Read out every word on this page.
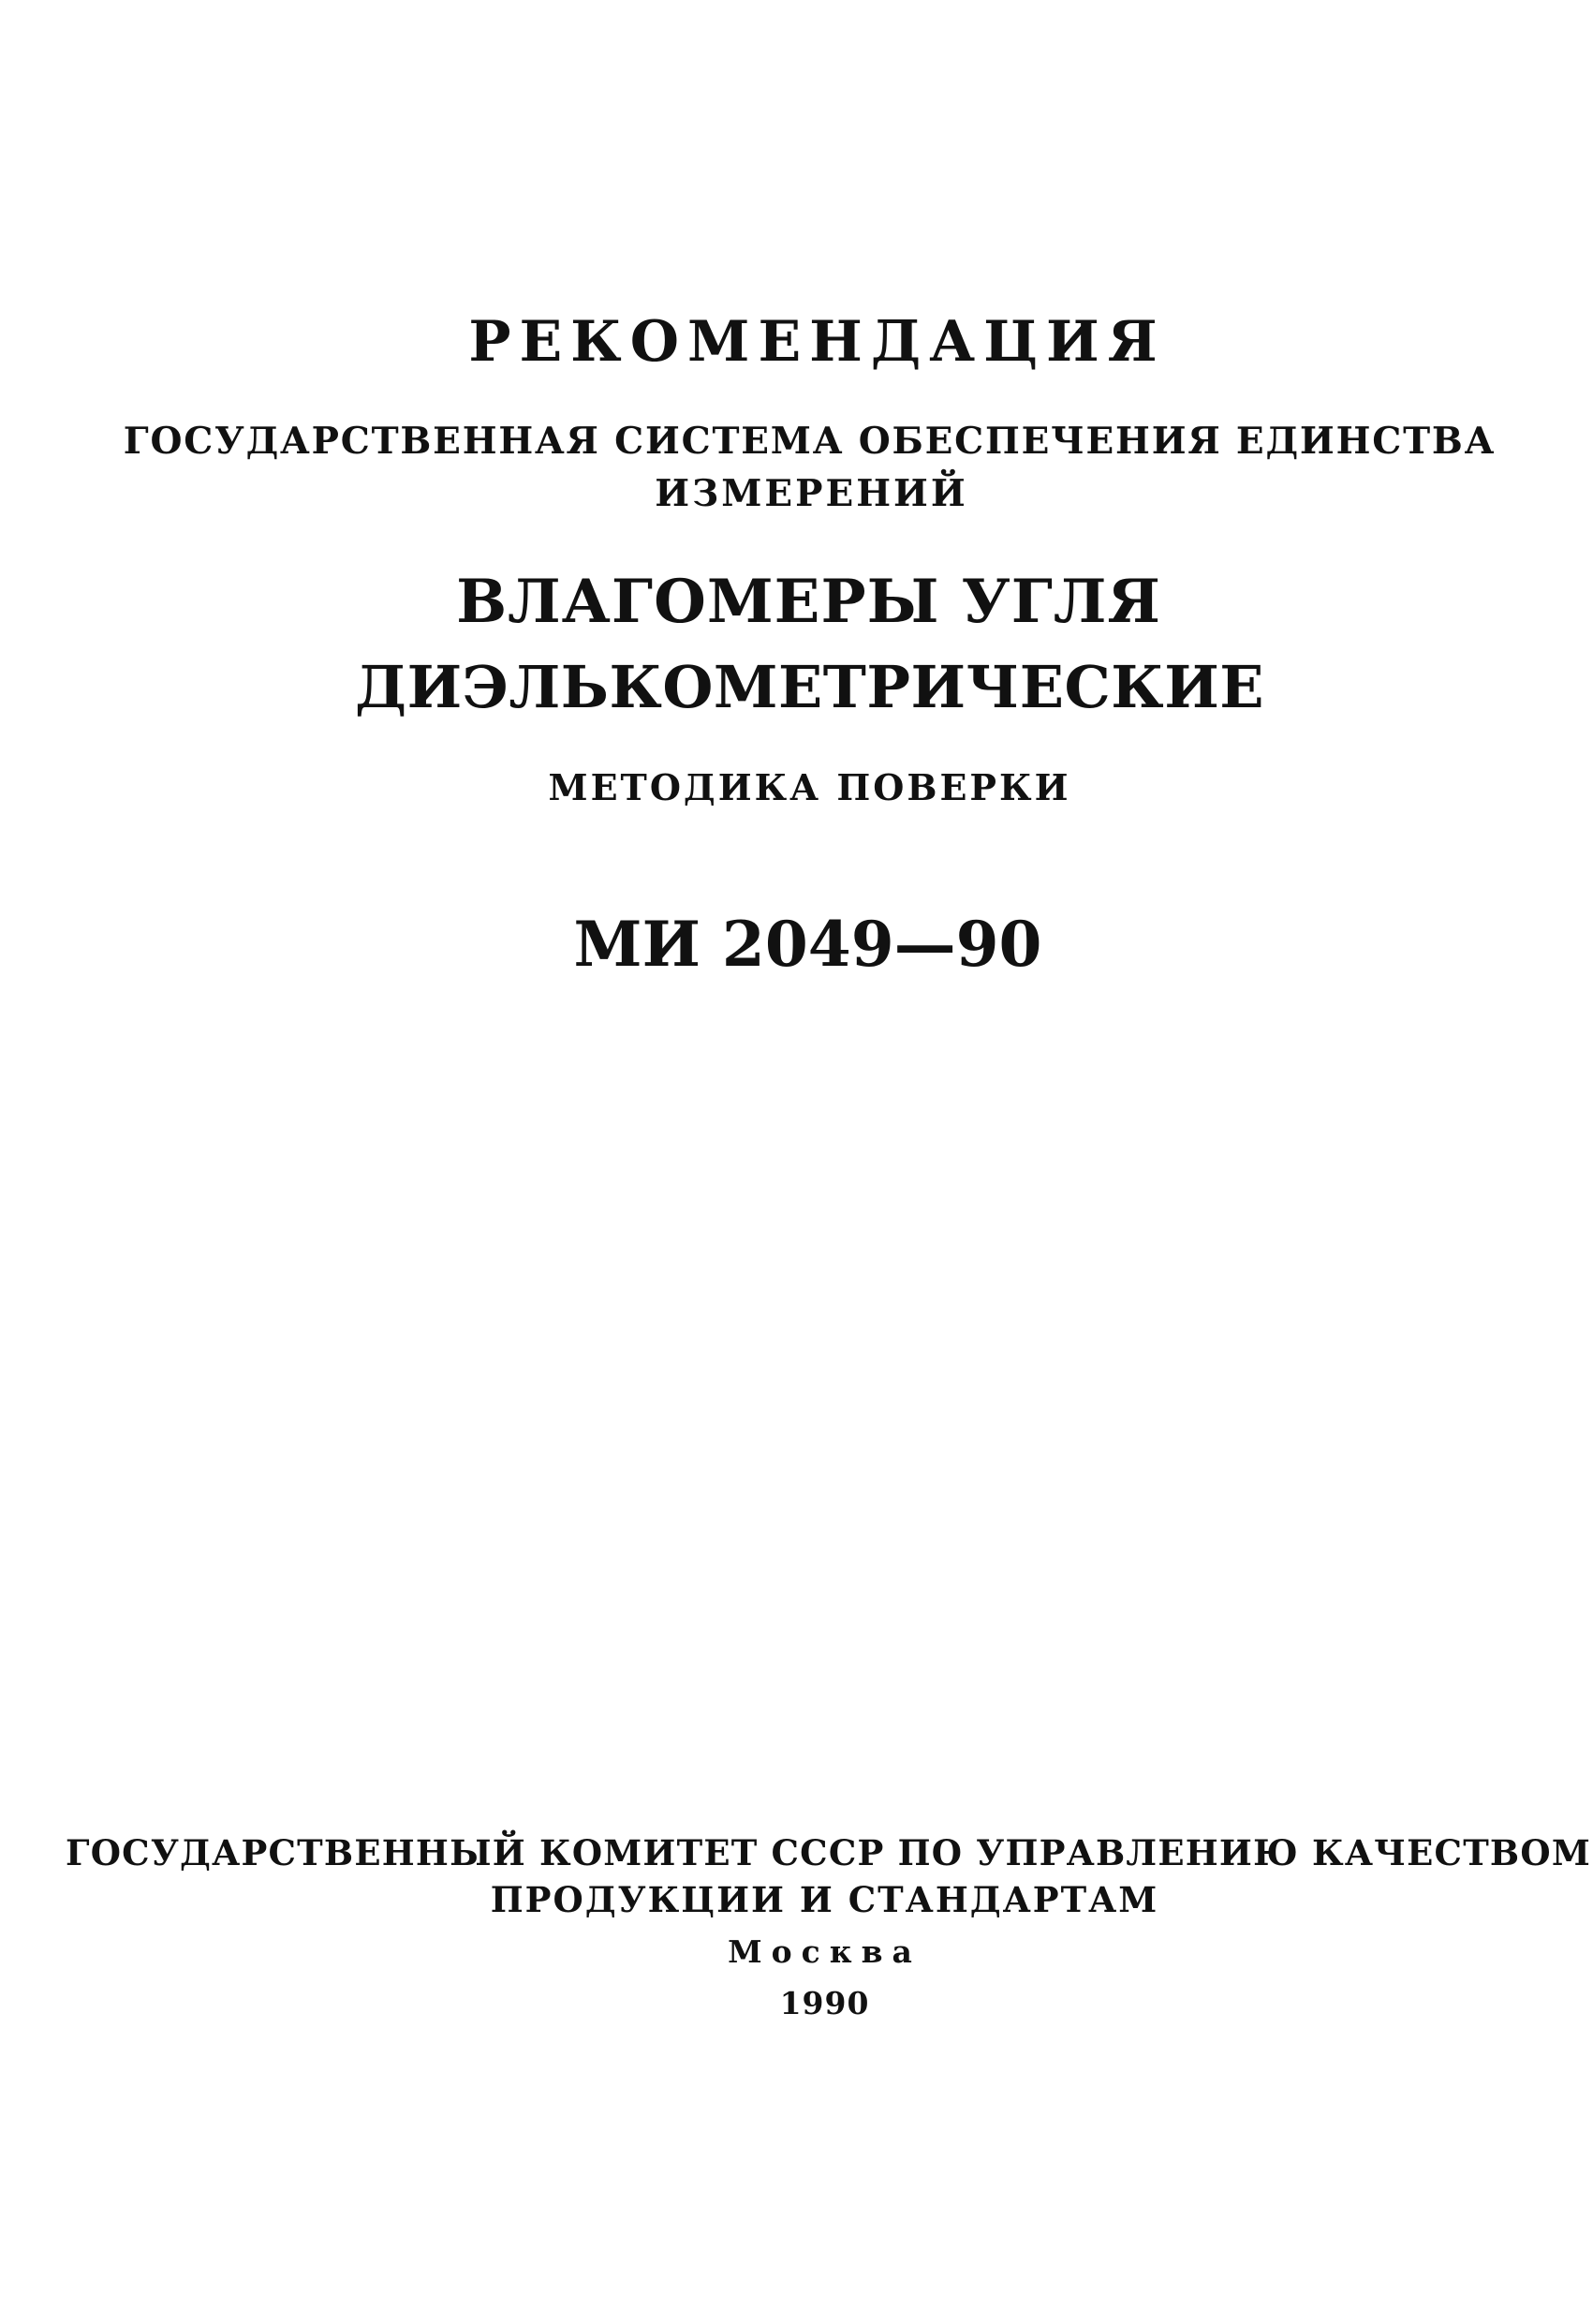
РЕКОМЕНДАЦИЯ
ГОСУДАРСТВЕННАЯ СИСТЕМА ОБЕСПЕЧЕНИЯ ЕДИНСТВА
ИЗМЕРЕНИЙ
ВЛАГОМЕРЫ УГЛЯ
ДИЭЛЬКОМЕТРИЧЕСКИЕ
МЕТОДИКА ПОВЕРКИ
МИ 2049—90
ГОСУДАРСТВЕННЫЙ КОМИТЕТ СССР ПО УПРАВЛЕНИЮ КАЧЕСТВОМ
ПРОДУКЦИИ И СТАНДАРТАМ
Москва
1990
